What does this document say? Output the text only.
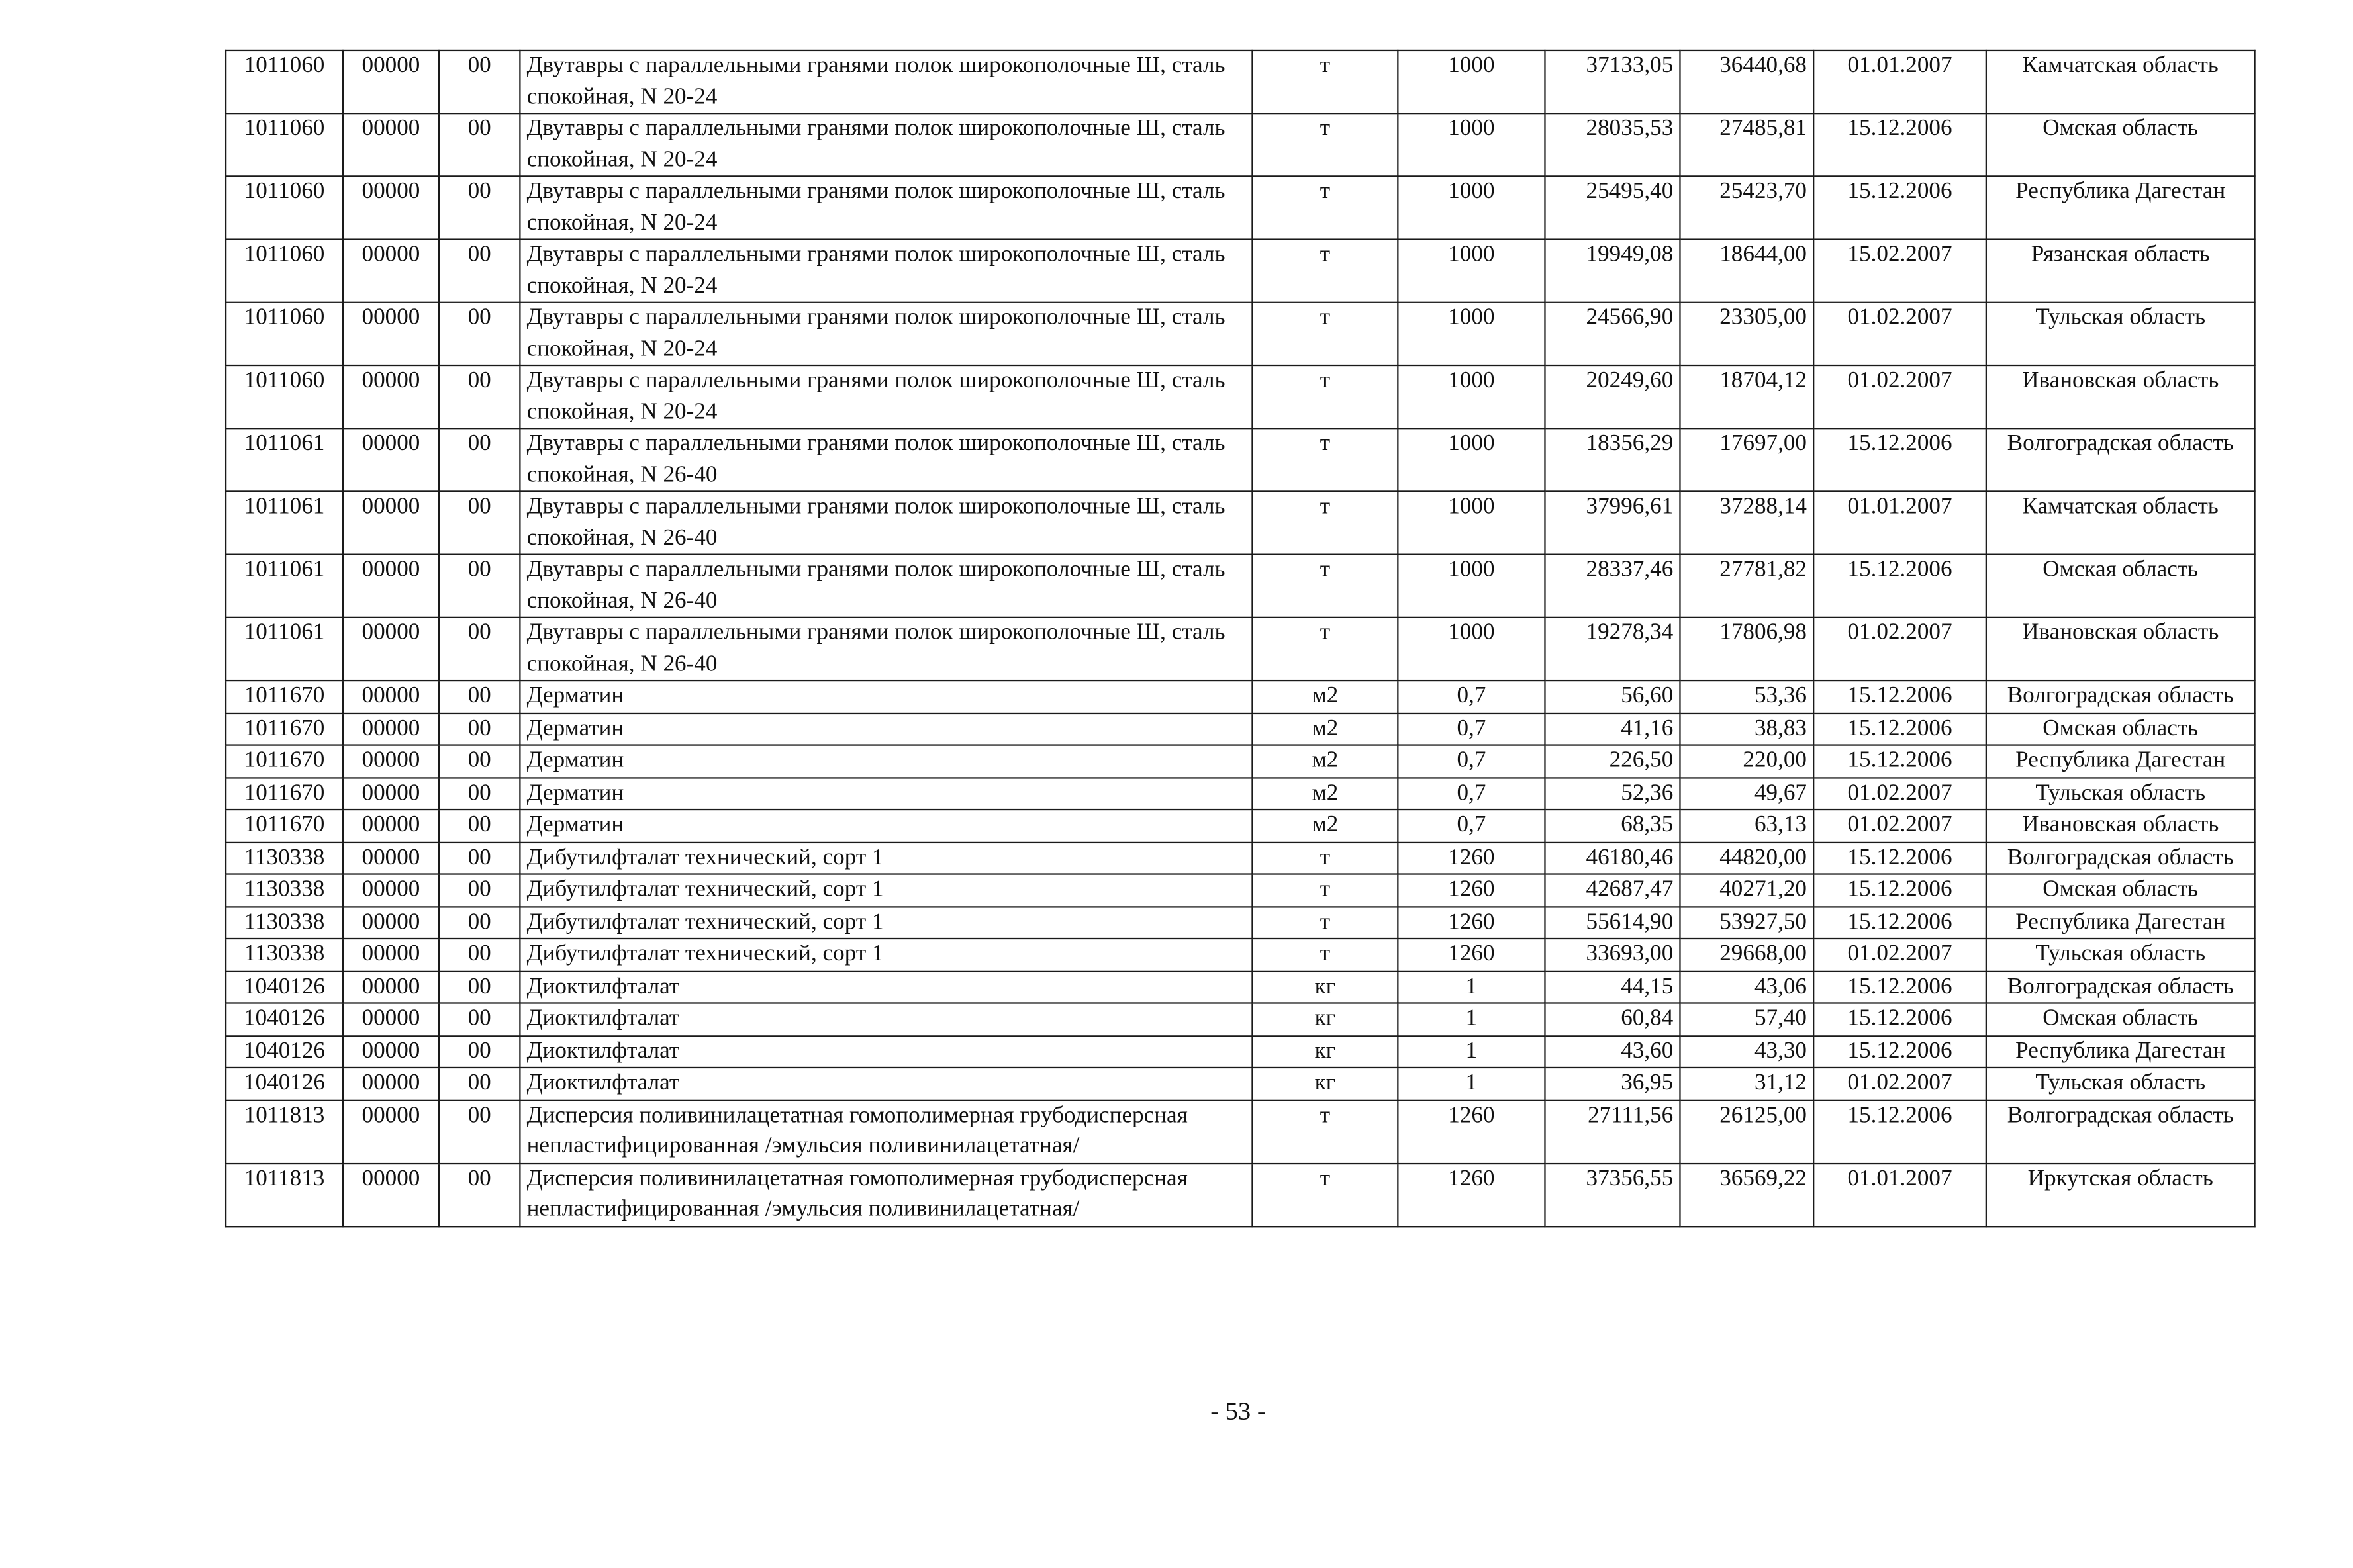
1011060	00000	00	Двутавры с параллельными гранями полок широкополочные Ш, сталь спокойная, N 20-24	т	1000	37133,05	36440,68	01.01.2007	Камчатская область
1011060	00000	00	Двутавры с параллельными гранями полок широкополочные Ш, сталь спокойная, N 20-24	т	1000	28035,53	27485,81	15.12.2006	Омская область
1011060	00000	00	Двутавры с параллельными гранями полок широкополочные Ш, сталь спокойная, N 20-24	т	1000	25495,40	25423,70	15.12.2006	Республика Дагестан
1011060	00000	00	Двутавры с параллельными гранями полок широкополочные Ш, сталь спокойная, N 20-24	т	1000	19949,08	18644,00	15.02.2007	Рязанская область
1011060	00000	00	Двутавры с параллельными гранями полок широкополочные Ш, сталь спокойная, N 20-24	т	1000	24566,90	23305,00	01.02.2007	Тульская область
1011060	00000	00	Двутавры с параллельными гранями полок широкополочные Ш, сталь спокойная, N 20-24	т	1000	20249,60	18704,12	01.02.2007	Ивановская область
1011061	00000	00	Двутавры с параллельными гранями полок широкополочные Ш, сталь спокойная, N 26-40	т	1000	18356,29	17697,00	15.12.2006	Волгоградская область
1011061	00000	00	Двутавры с параллельными гранями полок широкополочные Ш, сталь спокойная, N 26-40	т	1000	37996,61	37288,14	01.01.2007	Камчатская область
1011061	00000	00	Двутавры с параллельными гранями полок широкополочные Ш, сталь спокойная, N 26-40	т	1000	28337,46	27781,82	15.12.2006	Омская область
1011061	00000	00	Двутавры с параллельными гранями полок широкополочные Ш, сталь спокойная, N 26-40	т	1000	19278,34	17806,98	01.02.2007	Ивановская область
1011670	00000	00	Дерматин	м2	0,7	56,60	53,36	15.12.2006	Волгоградская область
1011670	00000	00	Дерматин	м2	0,7	41,16	38,83	15.12.2006	Омская область
1011670	00000	00	Дерматин	м2	0,7	226,50	220,00	15.12.2006	Республика Дагестан
1011670	00000	00	Дерматин	м2	0,7	52,36	49,67	01.02.2007	Тульская область
1011670	00000	00	Дерматин	м2	0,7	68,35	63,13	01.02.2007	Ивановская область
1130338	00000	00	Дибутилфталат технический, сорт 1	т	1260	46180,46	44820,00	15.12.2006	Волгоградская область
1130338	00000	00	Дибутилфталат технический, сорт 1	т	1260	42687,47	40271,20	15.12.2006	Омская область
1130338	00000	00	Дибутилфталат технический, сорт 1	т	1260	55614,90	53927,50	15.12.2006	Республика Дагестан
1130338	00000	00	Дибутилфталат технический, сорт 1	т	1260	33693,00	29668,00	01.02.2007	Тульская область
1040126	00000	00	Диоктилфталат	кг	1	44,15	43,06	15.12.2006	Волгоградская область
1040126	00000	00	Диоктилфталат	кг	1	60,84	57,40	15.12.2006	Омская область
1040126	00000	00	Диоктилфталат	кг	1	43,60	43,30	15.12.2006	Республика Дагестан
1040126	00000	00	Диоктилфталат	кг	1	36,95	31,12	01.02.2007	Тульская область
1011813	00000	00	Дисперсия поливинилацетатная гомополимерная грубодисперсная непластифицированная /эмульсия поливинилацетатная/	т	1260	27111,56	26125,00	15.12.2006	Волгоградская область
1011813	00000	00	Дисперсия поливинилацетатная гомополимерная грубодисперсная непластифицированная /эмульсия поливинилацетатная/	т	1260	37356,55	36569,22	01.01.2007	Иркутская область
- 53 -
